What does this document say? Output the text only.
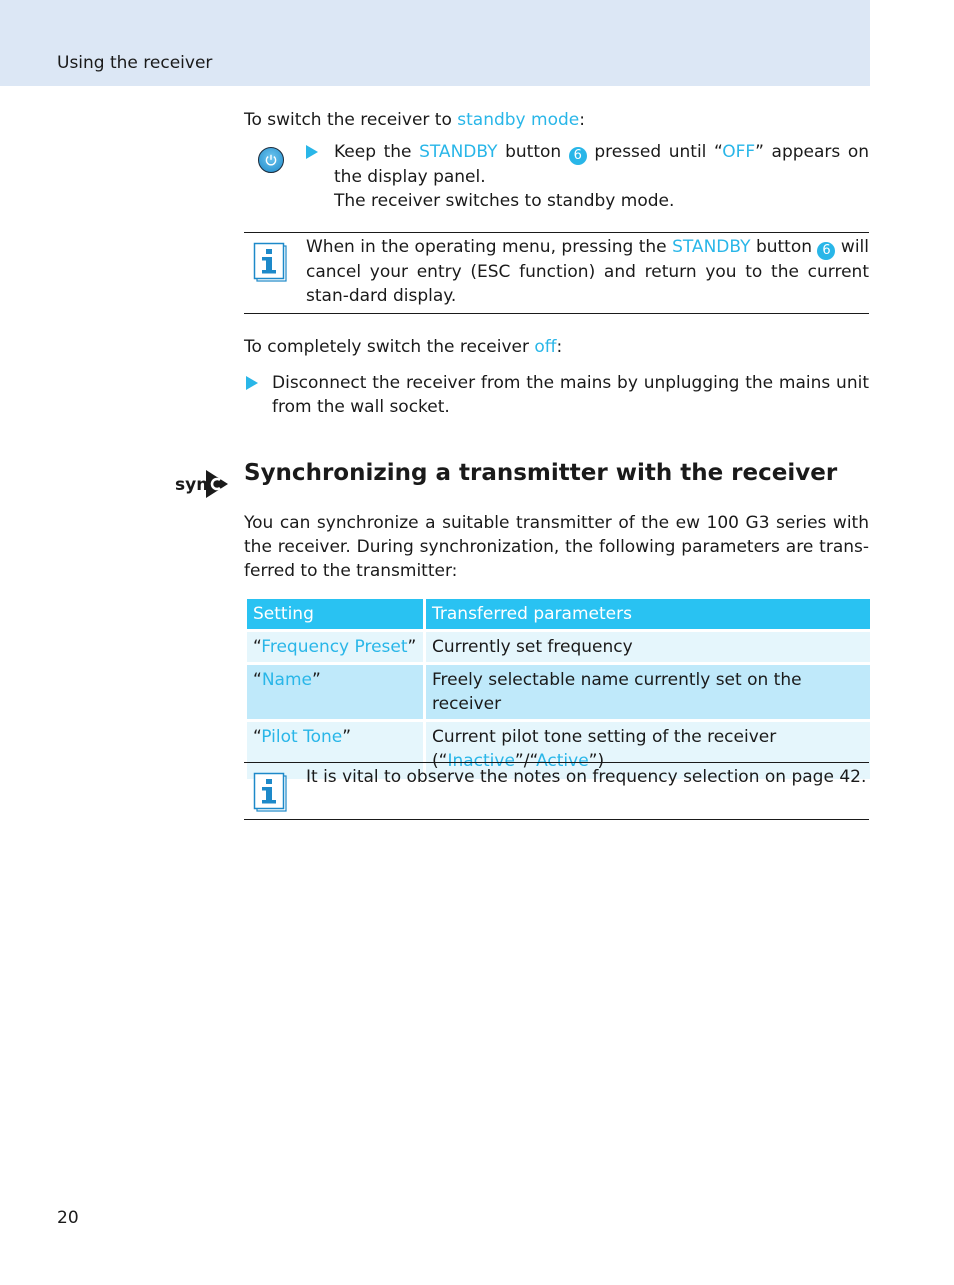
Using the receiver
To switch the receiver to standby mode:
Keep the STANDBY button 6 pressed until “OFF” appears on the display panel.
The receiver switches to standby mode.
When in the operating menu, pressing the STANDBY button 6 will cancel your entry (ESC function) and return you to the current stan-dard display.
To completely switch the receiver off:
Disconnect the receiver from the mains by unplugging the mains unit from the wall socket.
sync Synchronizing a transmitter with the receiver
You can synchronize a suitable transmitter of the ew 100 G3 series with the receiver. During synchronization, the following parameters are trans-ferred to the transmitter:
Setting	Transferred parameters
“Frequency Preset”	Currently set frequency
“Name”	Freely selectable name currently set on the receiver
“Pilot Tone”	Current pilot tone setting of the receiver
(“Inactive”/“Active”)
It is vital to observe the notes on frequency selection on page 42.
20
